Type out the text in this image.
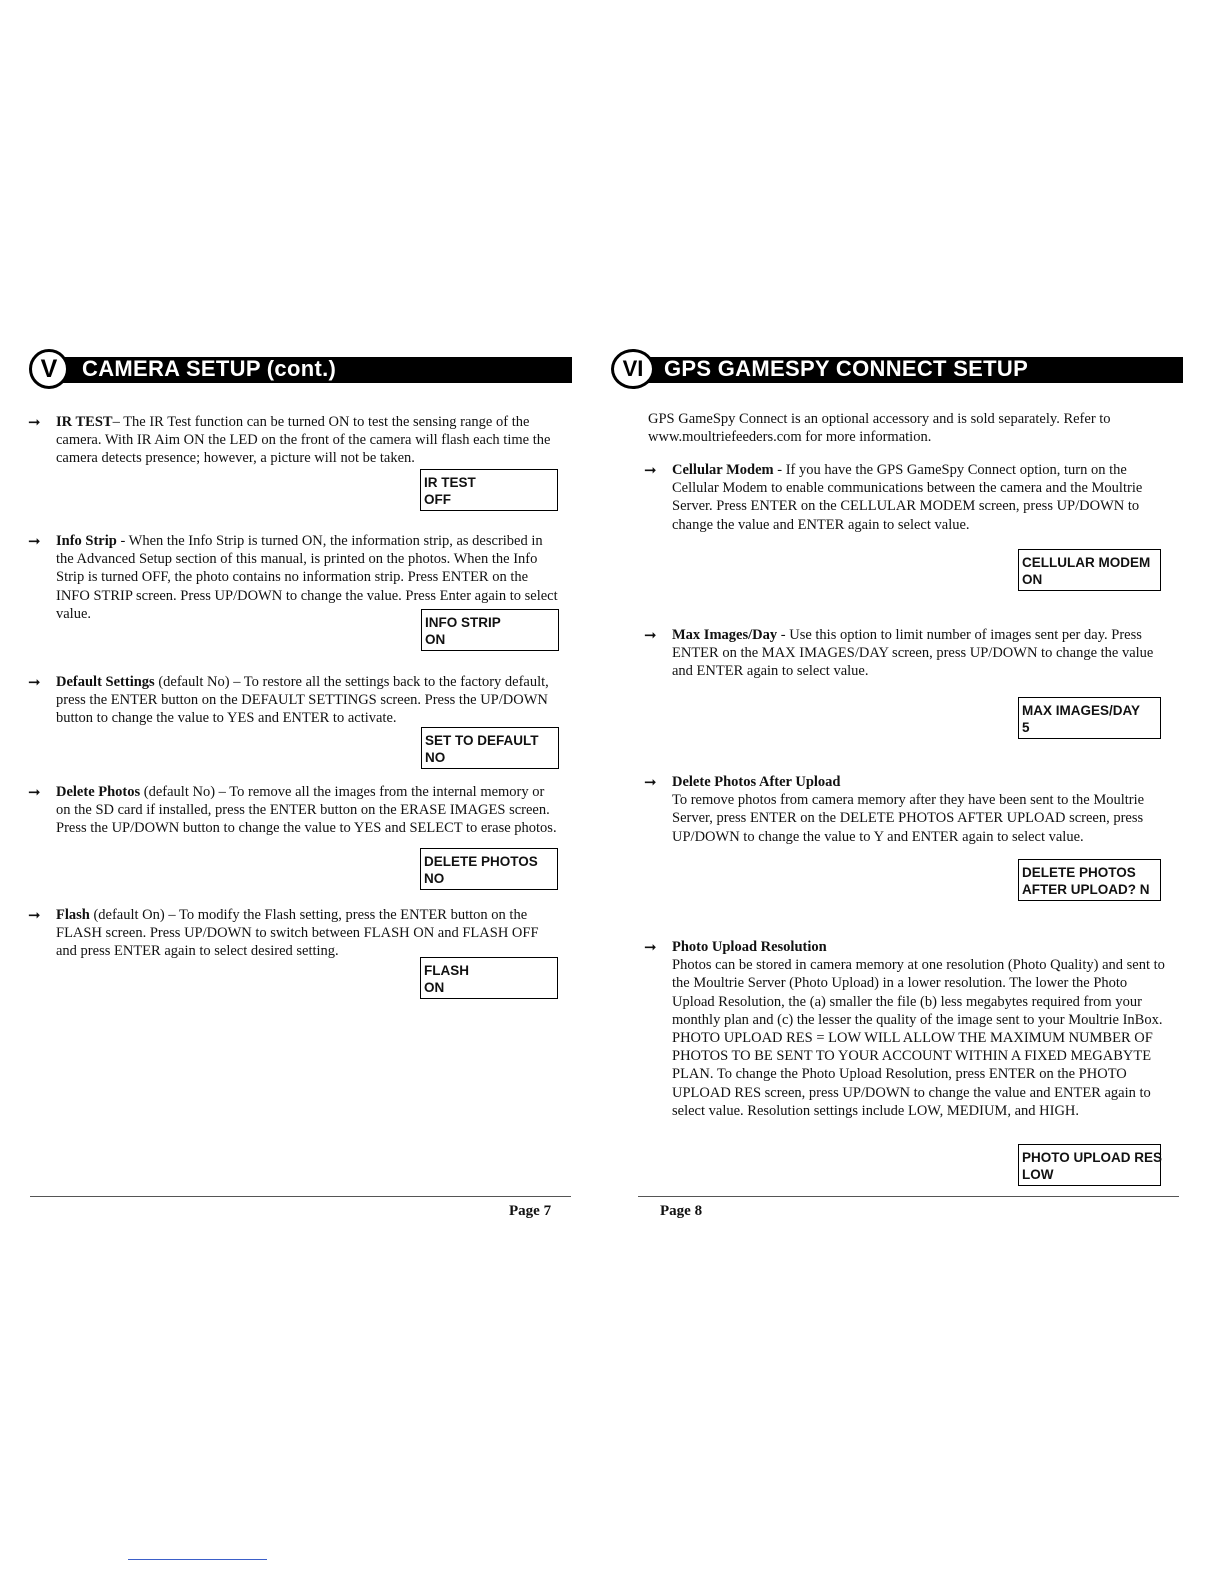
V	CAMERA SETUP (cont.)
➞ IR TEST– The IR Test function can be turned ON to test the sensing range of the camera. With IR Aim ON the LED on the front of the camera will flash each time the camera detects presence; however, a picture will not be taken.

IR TEST
OFF
➞ Info Strip - When the Info Strip is turned ON, the information strip, as described in the Advanced Setup section of this manual, is printed on the photos. When the Info Strip is turned OFF, the photo contains no information strip. Press ENTER on the INFO STRIP screen. Press UP/DOWN to change the value. Press Enter again to select value.

INFO STRIP
ON
➞ Default Settings (default No) – To restore all the settings back to the factory default, press the ENTER button on the DEFAULT SETTINGS screen. Press the UP/DOWN button to change the value to YES and ENTER to activate.

SET TO DEFAULT
NO
➞ Delete Photos (default No) – To remove all the images from the internal memory or on the SD card if installed, press the ENTER button on the ERASE IMAGES screen. Press the UP/DOWN button to change the value to YES and SELECT to erase photos.

DELETE PHOTOS
NO
➞ Flash (default On) – To modify the Flash setting, press the ENTER button on the FLASH screen. Press UP/DOWN to switch between FLASH ON and FLASH OFF and press ENTER again to select desired setting.

FLASH
ON
Page 7
VI GPS GAMESPY CONNECT SETUP

GPS GameSpy Connect is an optional accessory and is sold separately. Refer to www.moultriefeeders.com for more information.

➞ Cellular Modem - If you have the GPS GameSpy Connect option, turn on the Cellular Modem to enable communications between the camera and the Moultrie Server. Press ENTER on the CELLULAR MODEM screen, press UP/DOWN to change the value and ENTER again to select value.

CELLULAR MODEM
ON
➞ Max Images/Day - Use this option to limit number of images sent per day. Press ENTER on the MAX IMAGES/DAY screen, press UP/DOWN to change the value and ENTER again to select value.

MAX IMAGES/DAY
5
➞ Delete Photos After Upload
To remove photos from camera memory after they have been sent to the Moultrie Server, press ENTER on the DELETE PHOTOS AFTER UPLOAD screen, press UP/DOWN to change the value to Y and ENTER again to select value.

DELETE PHOTOS
AFTER UPLOAD? N
➞ Photo Upload Resolution
Photos can be stored in camera memory at one resolution (Photo Quality) and sent to the Moultrie Server (Photo Upload) in a lower resolution. The lower the Photo Upload Resolution, the (a) smaller the file (b) less megabytes required from your monthly plan and (c) the lesser the quality of the image sent to your Moultrie InBox. PHOTO UPLOAD RES = LOW WILL ALLOW THE MAXIMUM NUMBER OF PHOTOS TO BE SENT TO YOUR ACCOUNT WITHIN A FIXED MEGABYTE PLAN. To change the Photo Upload Resolution, press ENTER on the PHOTO UPLOAD RES screen, press UP/DOWN to change the value and ENTER again to select value. Resolution settings include LOW, MEDIUM, and HIGH.

PHOTO UPLOAD RES
LOW
Page 8
